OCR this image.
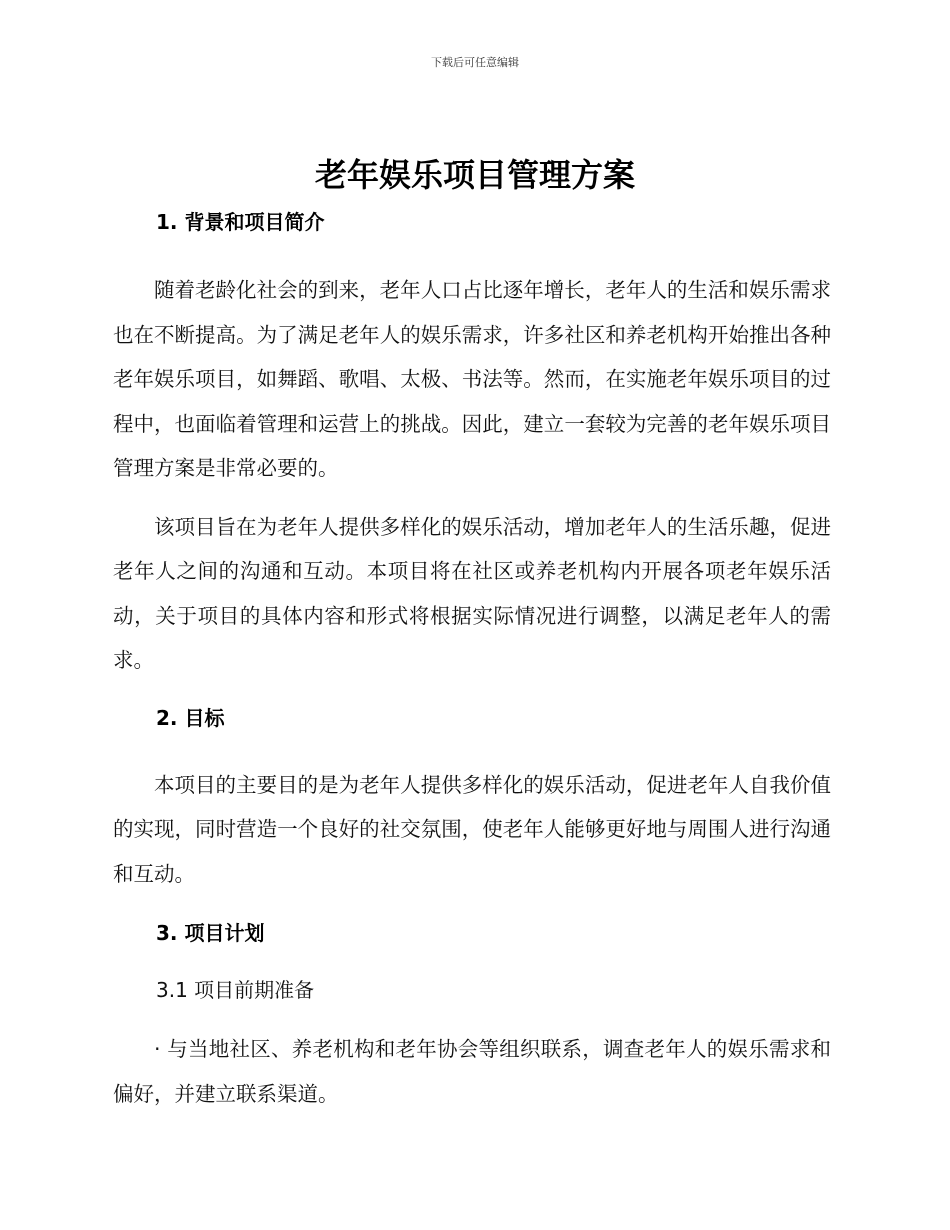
下载后可任意编辑
老年娱乐项目管理方案

1. 背景和项目简介

随着老龄化社会的到来，老年人口占比逐年增长，老年人的生活和娱乐需求也在不断提高。为了满足老年人的娱乐需求，许多社区和养老机构开始推出各种老年娱乐项目，如舞蹈、歌唱、太极、书法等。然而，在实施老年娱乐项目的过程中，也面临着管理和运营上的挑战。因此，建立一套较为完善的老年娱乐项目管理方案是非常必要的。

该项目旨在为老年人提供多样化的娱乐活动，增加老年人的生活乐趣，促进老年人之间的沟通和互动。本项目将在社区或养老机构内开展各项老年娱乐活动，关于项目的具体内容和形式将根据实际情况进行调整，以满足老年人的需求。

2. 目标

本项目的主要目的是为老年人提供多样化的娱乐活动，促进老年人自我价值的实现，同时营造一个良好的社交氛围，使老年人能够更好地与周围人进行沟通和互动。

3. 项目计划

3.1 项目前期准备

· 与当地社区、养老机构和老年协会等组织联系，调查老年人的娱乐需求和偏好，并建立联系渠道。
